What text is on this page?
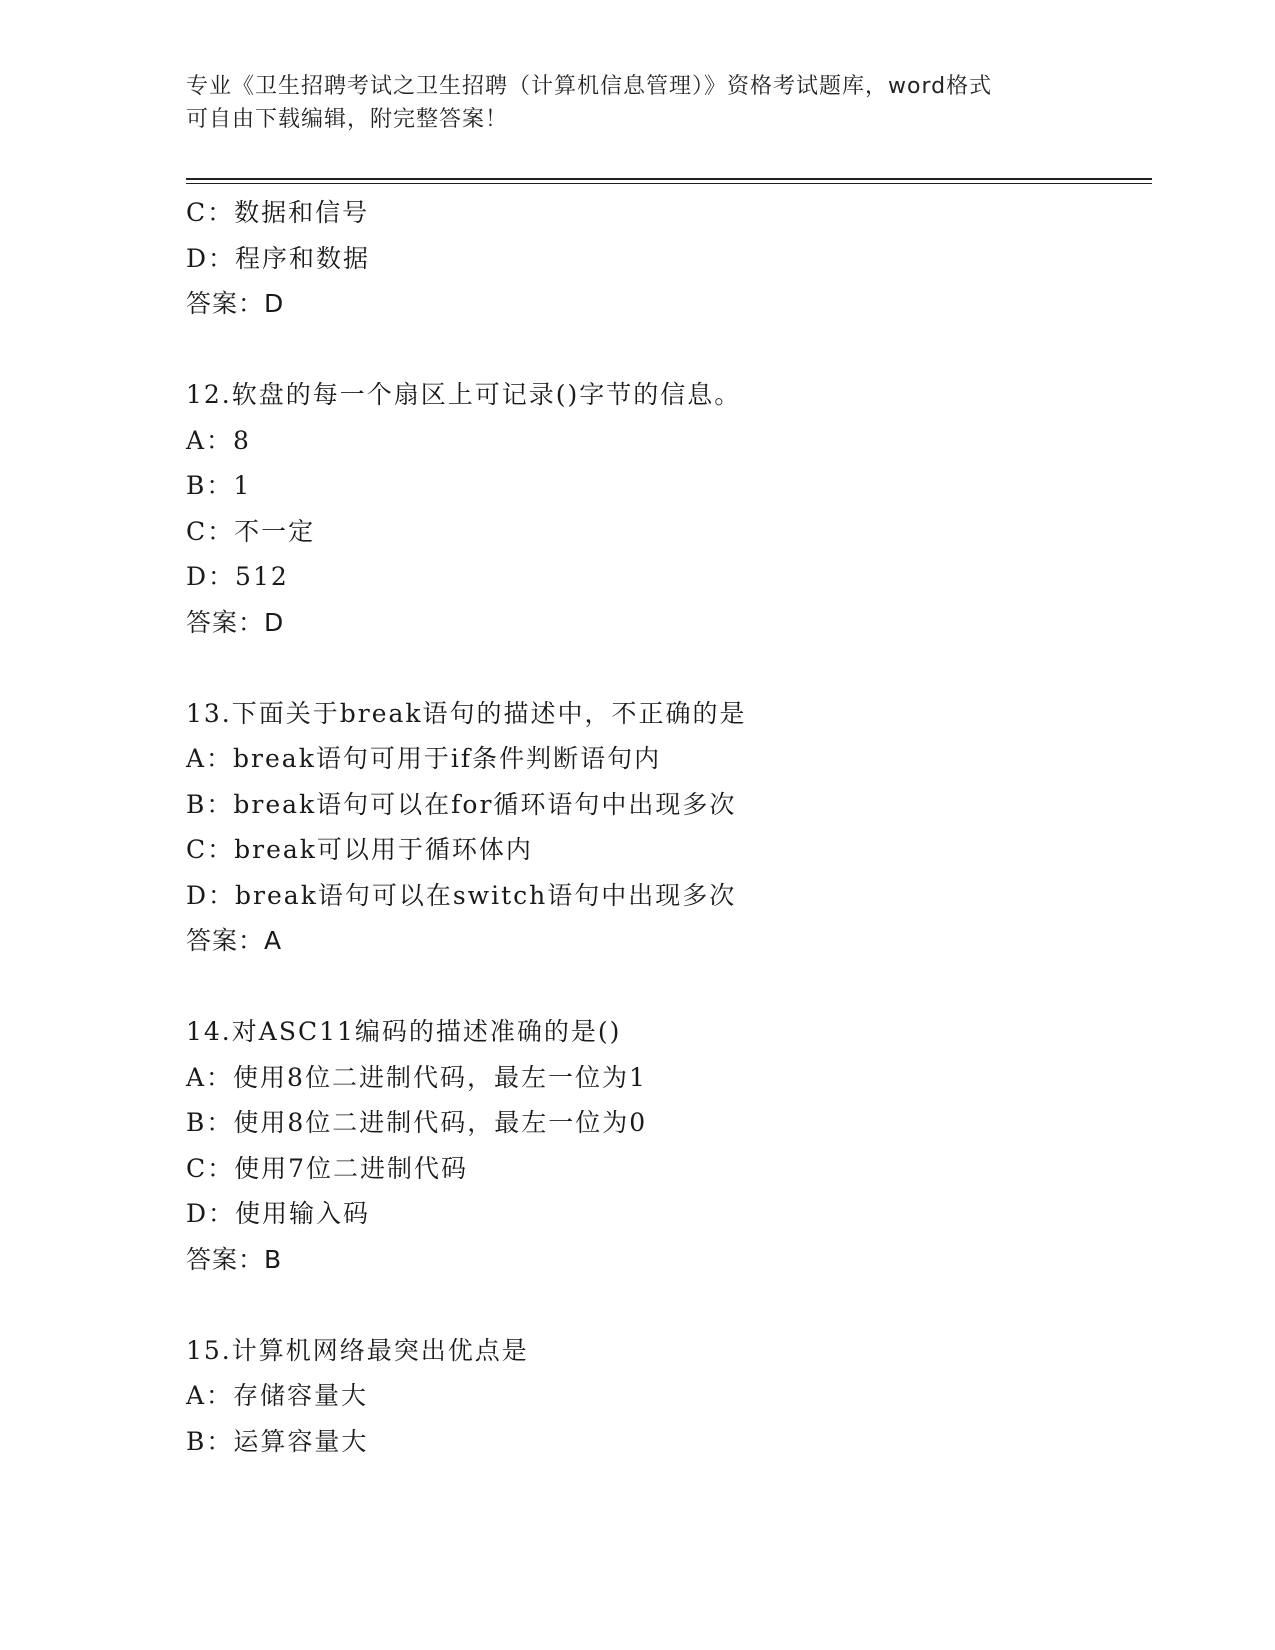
专业《卫生招聘考试之卫生招聘（计算机信息管理）》资格考试题库，word格式
可自由下载编辑，附完整答案！
C：数据和信号
D：程序和数据
答案：D
12.软盘的每一个扇区上可记录()字节的信息。
A：8
B：1
C：不一定
D：512
答案：D
13.下面关于break语句的描述中，不正确的是
A：break语句可用于if条件判断语句内
B：break语句可以在for循环语句中出现多次
C：break可以用于循环体内
D：break语句可以在switch语句中出现多次
答案：A
14.对ASC11编码的描述准确的是()
A：使用8位二进制代码，最左一位为1
B：使用8位二进制代码，最左一位为0
C：使用7位二进制代码
D：使用输入码
答案：B
15.计算机网络最突出优点是
A：存储容量大
B：运算容量大
